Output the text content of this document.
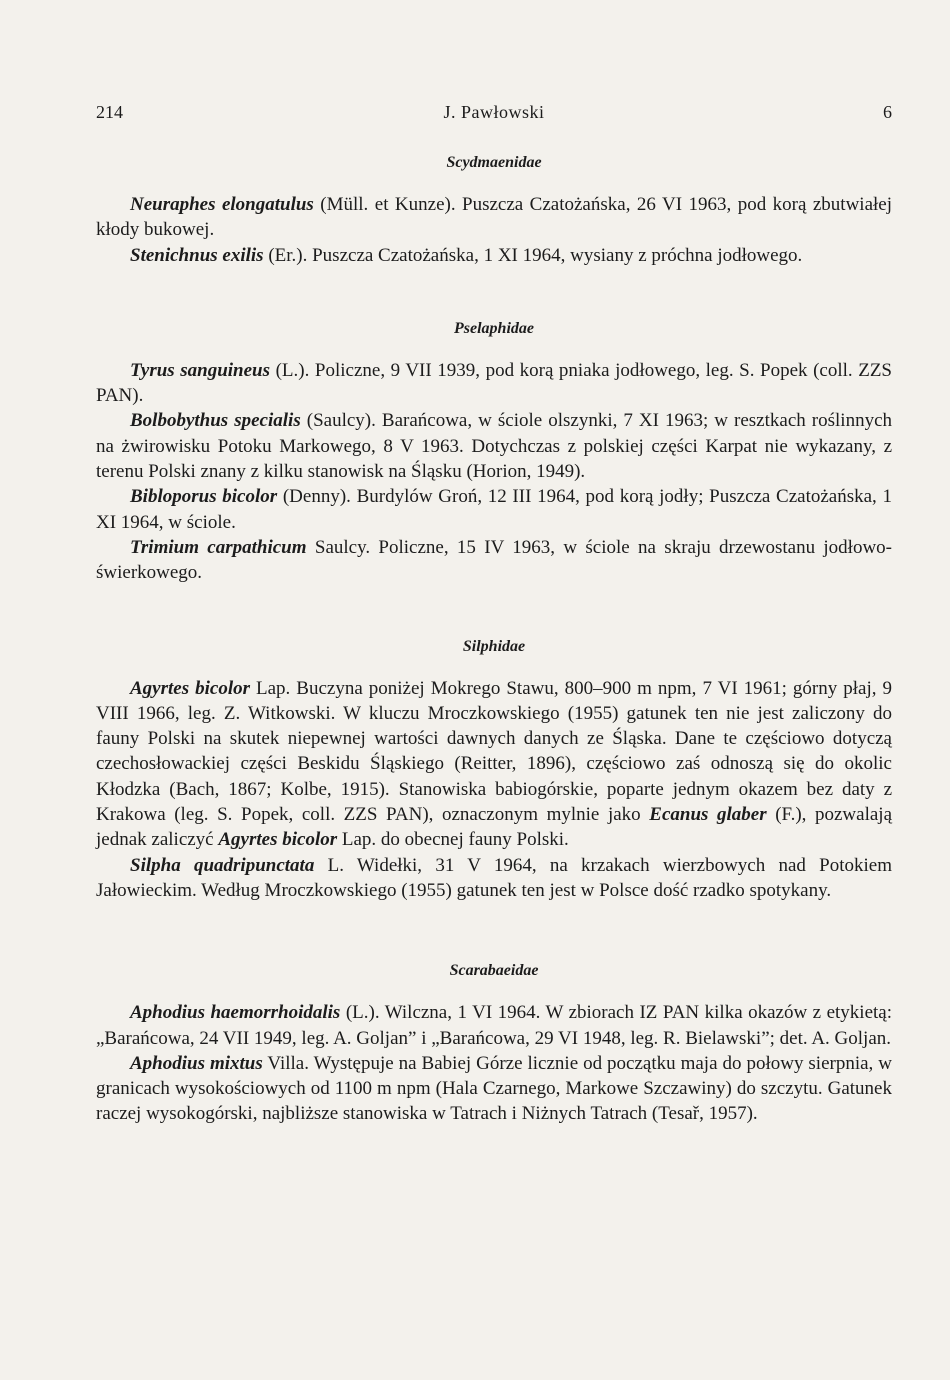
214	J. Pawłowski	6
Scydmaenidae

Neuraphes elongatulus (Müll. et Kunze). Puszcza Czatożańska, 26 VI 1963, pod korą zbutwiałej kłody bukowej.

Stenichnus exilis (Er.). Puszcza Czatożańska, 1 XI 1964, wysiany z próchna jodłowego.

Pselaphidae

Tyrus sanguineus (L.). Policzne, 9 VII 1939, pod korą pniaka jodłowego, leg. S. Popek (coll. ZZS PAN).

Bolbobythus specialis (Saulcy). Barańcowa, w ściole olszynki, 7 XI 1963; w resztkach roślinnych na żwirowisku Potoku Markowego, 8 V 1963. Dotychczas z polskiej części Karpat nie wykazany, z terenu Polski znany z kilku stanowisk na Śląsku (Horion, 1949).

Bibloporus bicolor (Denny). Burdylów Groń, 12 III 1964, pod korą jodły; Puszcza Czatożańska, 1 XI 1964, w ściole.

Trimium carpathicum Saulcy. Policzne, 15 IV 1963, w ściole na skraju drzewostanu jodłowo-świerkowego.

Silphidae

Agyrtes bicolor Lap. Buczyna poniżej Mokrego Stawu, 800–900 m npm, 7 VI 1961; górny płaj, 9 VIII 1966, leg. Z. Witkowski. W kluczu Mroczkowskiego (1955) gatunek ten nie jest zaliczony do fauny Polski na skutek niepewnej wartości dawnych danych ze Śląska. Dane te częściowo dotyczą czechosłowackiej części Beskidu Śląskiego (Reitter, 1896), częściowo zaś odnoszą się do okolic Kłodzka (Bach, 1867; Kolbe, 1915). Stanowiska babiogórskie, poparte jednym okazem bez daty z Krakowa (leg. S. Popek, coll. ZZS PAN), oznaczonym mylnie jako Ecanus glaber (F.), pozwalają jednak zaliczyć Agyrtes bicolor Lap. do obecnej fauny Polski.

Silpha quadripunctata L. Widełki, 31 V 1964, na krzakach wierzbowych nad Potokiem Jałowieckim. Według Mroczkowskiego (1955) gatunek ten jest w Polsce dość rzadko spotykany.

Scarabaeidae

Aphodius haemorrhoidalis (L.). Wilczna, 1 VI 1964. W zbiorach IZ PAN kilka okazów z etykietą: „Barańcowa, 24 VII 1949, leg. A. Goljan” i „Barańcowa, 29 VI 1948, leg. R. Bielawski”; det. A. Goljan.

Aphodius mixtus Villa. Występuje na Babiej Górze licznie od początku maja do połowy sierpnia, w granicach wysokościowych od 1100 m npm (Hala Czarnego, Markowe Szczawiny) do szczytu. Gatunek raczej wysokogórski, najbliższe stanowiska w Tatrach i Niżnych Tatrach (Tesař, 1957).
